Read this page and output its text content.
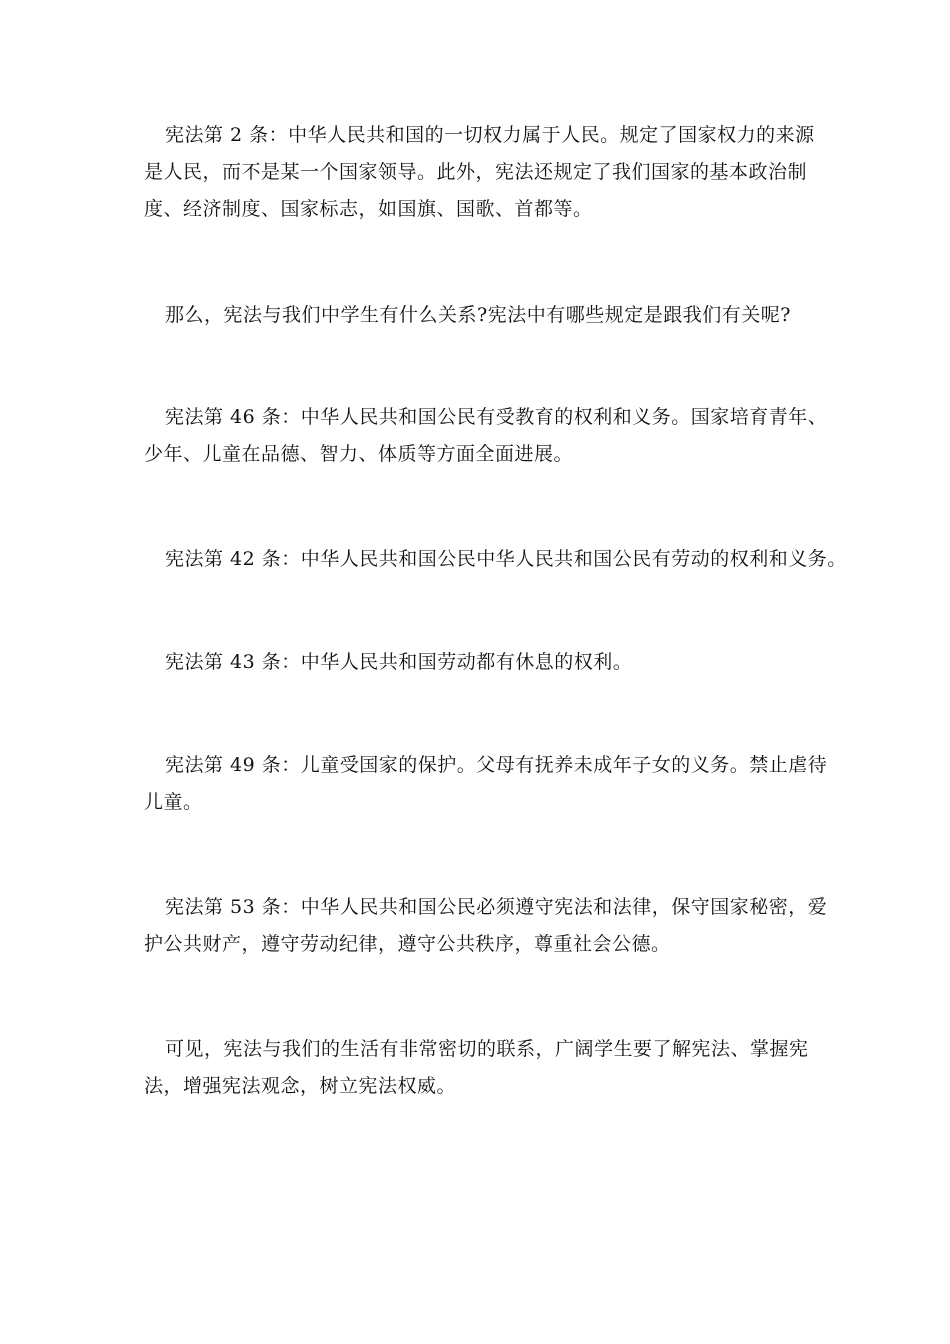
宪法第 2 条：中华人民共和国的一切权力属于人民。规定了国家权力的来源
是人民，而不是某一个国家领导。此外，宪法还规定了我们国家的基本政治制
度、经济制度、国家标志，如国旗、国歌、首都等。
那么，宪法与我们中学生有什么关系?宪法中有哪些规定是跟我们有关呢?
宪法第 46 条：中华人民共和国公民有受教育的权利和义务。国家培育青年、
少年、儿童在品德、智力、体质等方面全面进展。
宪法第 42 条：中华人民共和国公民中华人民共和国公民有劳动的权利和义务。
宪法第 43 条：中华人民共和国劳动都有休息的权利。
宪法第 49 条：儿童受国家的保护。父母有抚养未成年子女的义务。禁止虐待
儿童。
宪法第 53 条：中华人民共和国公民必须遵守宪法和法律，保守国家秘密，爱
护公共财产，遵守劳动纪律，遵守公共秩序，尊重社会公德。
可见，宪法与我们的生活有非常密切的联系，广阔学生要了解宪法、掌握宪
法，增强宪法观念，树立宪法权威。
